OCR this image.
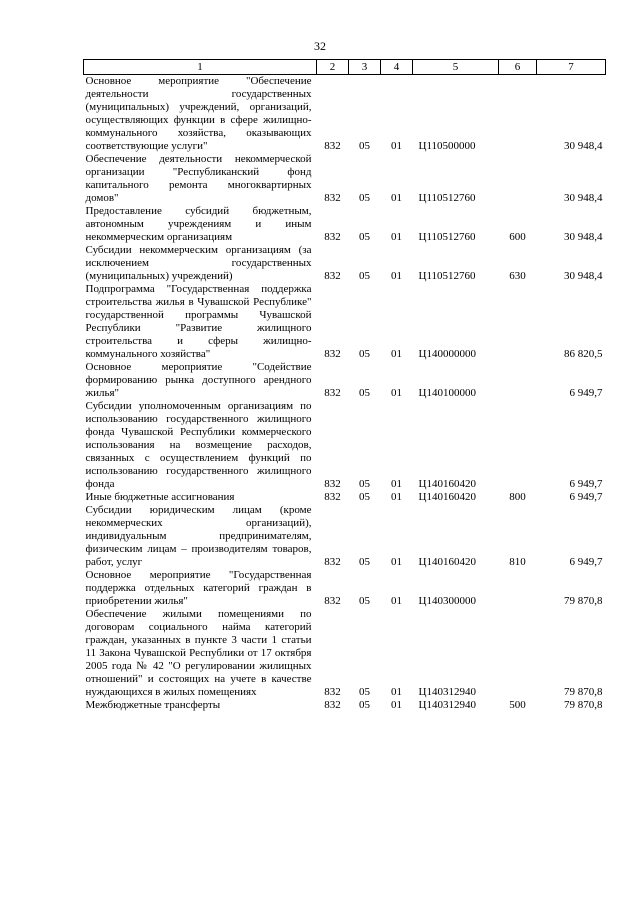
32
1	2	3	4	5	6	7
Основное мероприятие "Обеспечение деятельности государственных (муниципальных) учреждений, организаций, осуществляющих функции в сфере жилищно-коммунального хозяйства, оказывающих соответствующие услуги"	832	05	01	Ц110500000		30 948,4
Обеспечение деятельности некоммерческой организации "Республиканский фонд капитального ремонта многоквартирных домов"	832	05	01	Ц110512760		30 948,4
Предоставление субсидий бюджетным, автономным учреждениям и иным некоммерческим организациям	832	05	01	Ц110512760	600	30 948,4
Субсидии некоммерческим организациям (за исключением государственных (муниципальных) учреждений)	832	05	01	Ц110512760	630	30 948,4
Подпрограмма "Государственная поддержка строительства жилья в Чувашской Республике" государственной программы Чувашской Республики "Развитие жилищного строительства и сферы жилищно-коммунального хозяйства"	832	05	01	Ц140000000		86 820,5
Основное мероприятие "Содействие формированию рынка доступного арендного жилья"	832	05	01	Ц140100000		6 949,7
Субсидии уполномоченным организациям по использованию государственного жилищного фонда Чувашской Республики коммерческого использования на возмещение расходов, связанных с осуществлением функций по использованию государственного жилищного фонда	832	05	01	Ц140160420		6 949,7
Иные бюджетные ассигнования	832	05	01	Ц140160420	800	6 949,7
Субсидии юридическим лицам (кроме некоммерческих организаций), индивидуальным предпринимателям, физическим лицам – производителям товаров, работ, услуг	832	05	01	Ц140160420	810	6 949,7
Основное мероприятие "Государственная поддержка отдельных категорий граждан в приобретении жилья"	832	05	01	Ц140300000		79 870,8
Обеспечение жилыми помещениями по договорам социального найма категорий граждан, указанных в пункте 3 части 1 статьи 11 Закона Чувашской Республики от 17 октября 2005 года № 42 "О регулировании жилищных отношений" и состоящих на учете в качестве нуждающихся в жилых помещениях	832	05	01	Ц140312940		79 870,8
Межбюджетные трансферты	832	05	01	Ц140312940	500	79 870,8
